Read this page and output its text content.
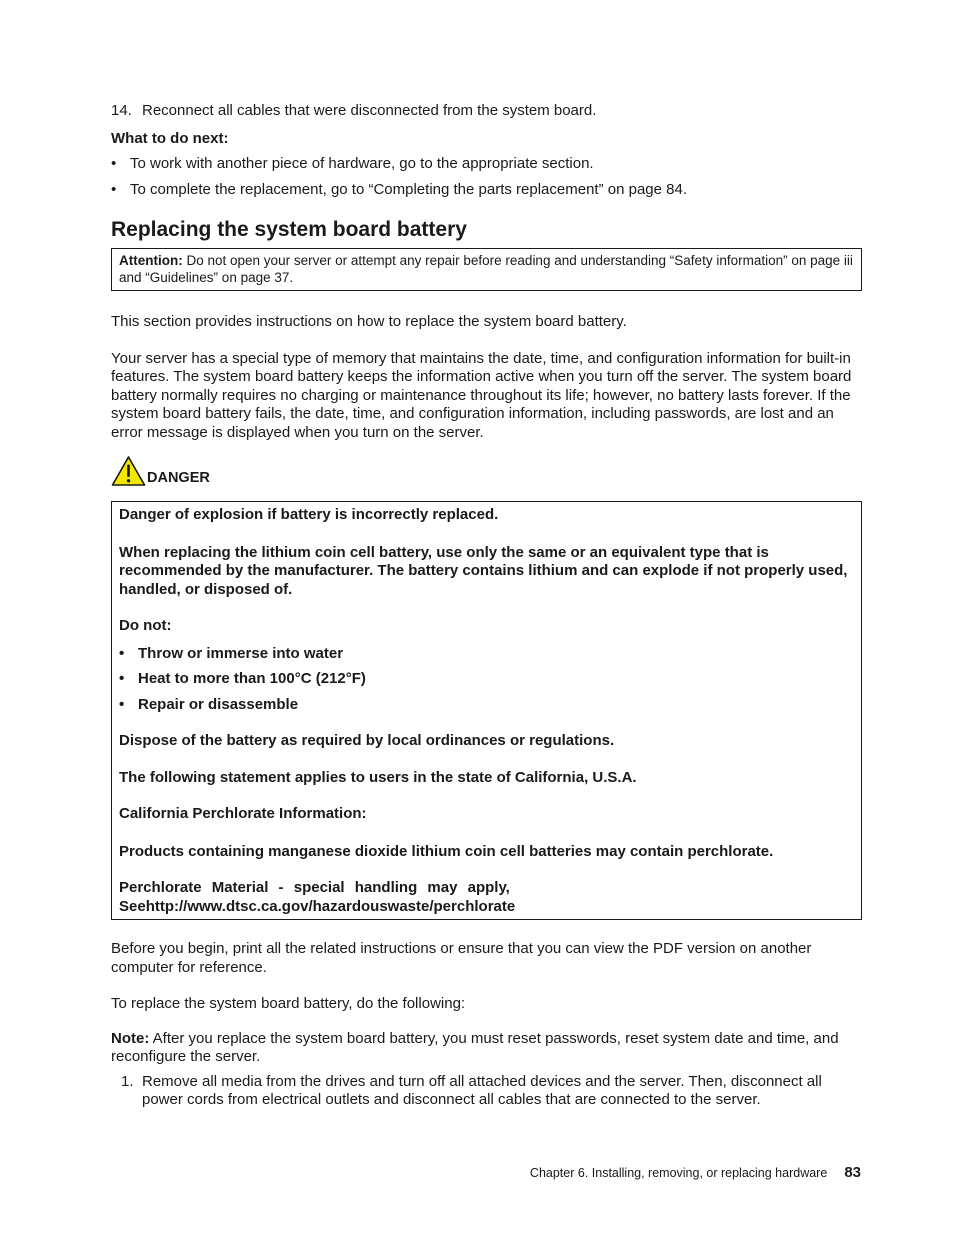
14. Reconnect all cables that were disconnected from the system board.

What to do next:

• To work with another piece of hardware, go to the appropriate section.
• To complete the replacement, go to “Completing the parts replacement” on page 84.
Replacing the system board battery
Attention: Do not open your server or attempt any repair before reading and understanding “Safety information” on page iii and “Guidelines” on page 37.

This section provides instructions on how to replace the system board battery.

Your server has a special type of memory that maintains the date, time, and configuration information for built-in features. The system board battery keeps the information active when you turn off the server. The system board battery normally requires no charging or maintenance throughout its life; however, no battery lasts forever. If the system board battery fails, the date, time, and configuration information, including passwords, are lost and an error message is displayed when you turn on the server.

DANGER

Danger of explosion if battery is incorrectly replaced.

When replacing the lithium coin cell battery, use only the same or an equivalent type that is recommended by the manufacturer. The battery contains lithium and can explode if not properly used, handled, or disposed of.

Do not:

• Throw or immerse into water
• Heat to more than 100°C (212°F)
• Repair or disassemble

Dispose of the battery as required by local ordinances or regulations.

The following statement applies to users in the state of California, U.S.A.

California Perchlorate Information:

Products containing manganese dioxide lithium coin cell batteries may contain perchlorate.

Perchlorate Material - special handling may apply,

Seehttp://www.dtsc.ca.gov/hazardouswaste/perchlorate

Before you begin, print all the related instructions or ensure that you can view the PDF version on another computer for reference.

To replace the system board battery, do the following:

Note: After you replace the system board battery, you must reset passwords, reset system date and time, and reconfigure the server.

1. Remove all media from the drives and turn off all attached devices and the server. Then, disconnect all power cords from electrical outlets and disconnect all cables that are connected to the server.
Chapter 6. Installing, removing, or replacing hardware 83
